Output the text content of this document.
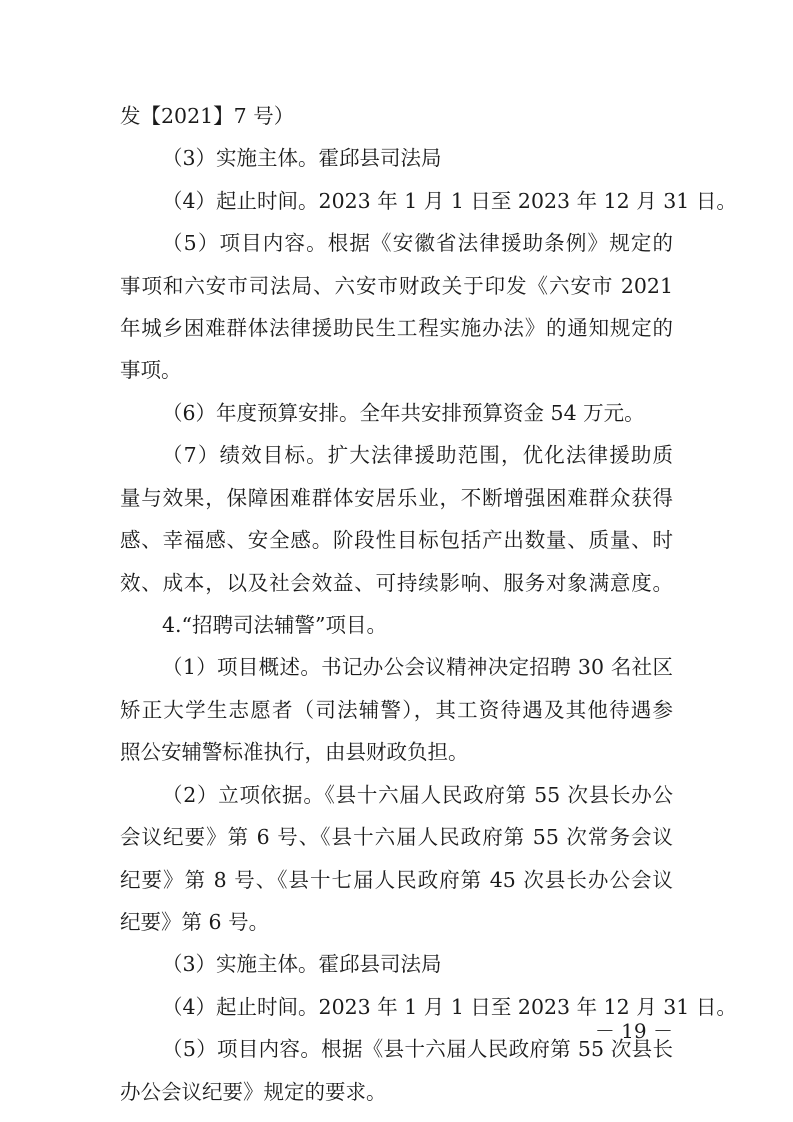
发【2021】7 号）
（3）实施主体。霍邱县司法局
（4）起止时间。2023 年 1 月 1 日至 2023 年 12 月 31 日。
（5）项目内容。根据《安徽省法律援助条例》规定的
事项和六安市司法局、六安市财政关于印发《六安市 2021
年城乡困难群体法律援助民生工程实施办法》的通知规定的
事项。
（6）年度预算安排。全年共安排预算资金 54 万元。
（7）绩效目标。扩大法律援助范围，优化法律援助质
量与效果，保障困难群体安居乐业，不断增强困难群众获得
感、幸福感、安全感。阶段性目标包括产出数量、质量、时
效、成本，以及社会效益、可持续影响、服务对象满意度。
4.“招聘司法辅警”项目。
（1）项目概述。书记办公会议精神决定招聘 30 名社区
矫正大学生志愿者（司法辅警），其工资待遇及其他待遇参
照公安辅警标准执行，由县财政负担。
（2）立项依据。《县十六届人民政府第 55 次县长办公
会议纪要》第 6 号、《县十六届人民政府第 55 次常务会议
纪要》第 8 号、《县十七届人民政府第 45 次县长办公会议
纪要》第 6 号。
（3）实施主体。霍邱县司法局
（4）起止时间。2023 年 1 月 1 日至 2023 年 12 月 31 日。
（5）项目内容。根据《县十六届人民政府第 55 次县长
办公会议纪要》规定的要求。
－ 19 －
